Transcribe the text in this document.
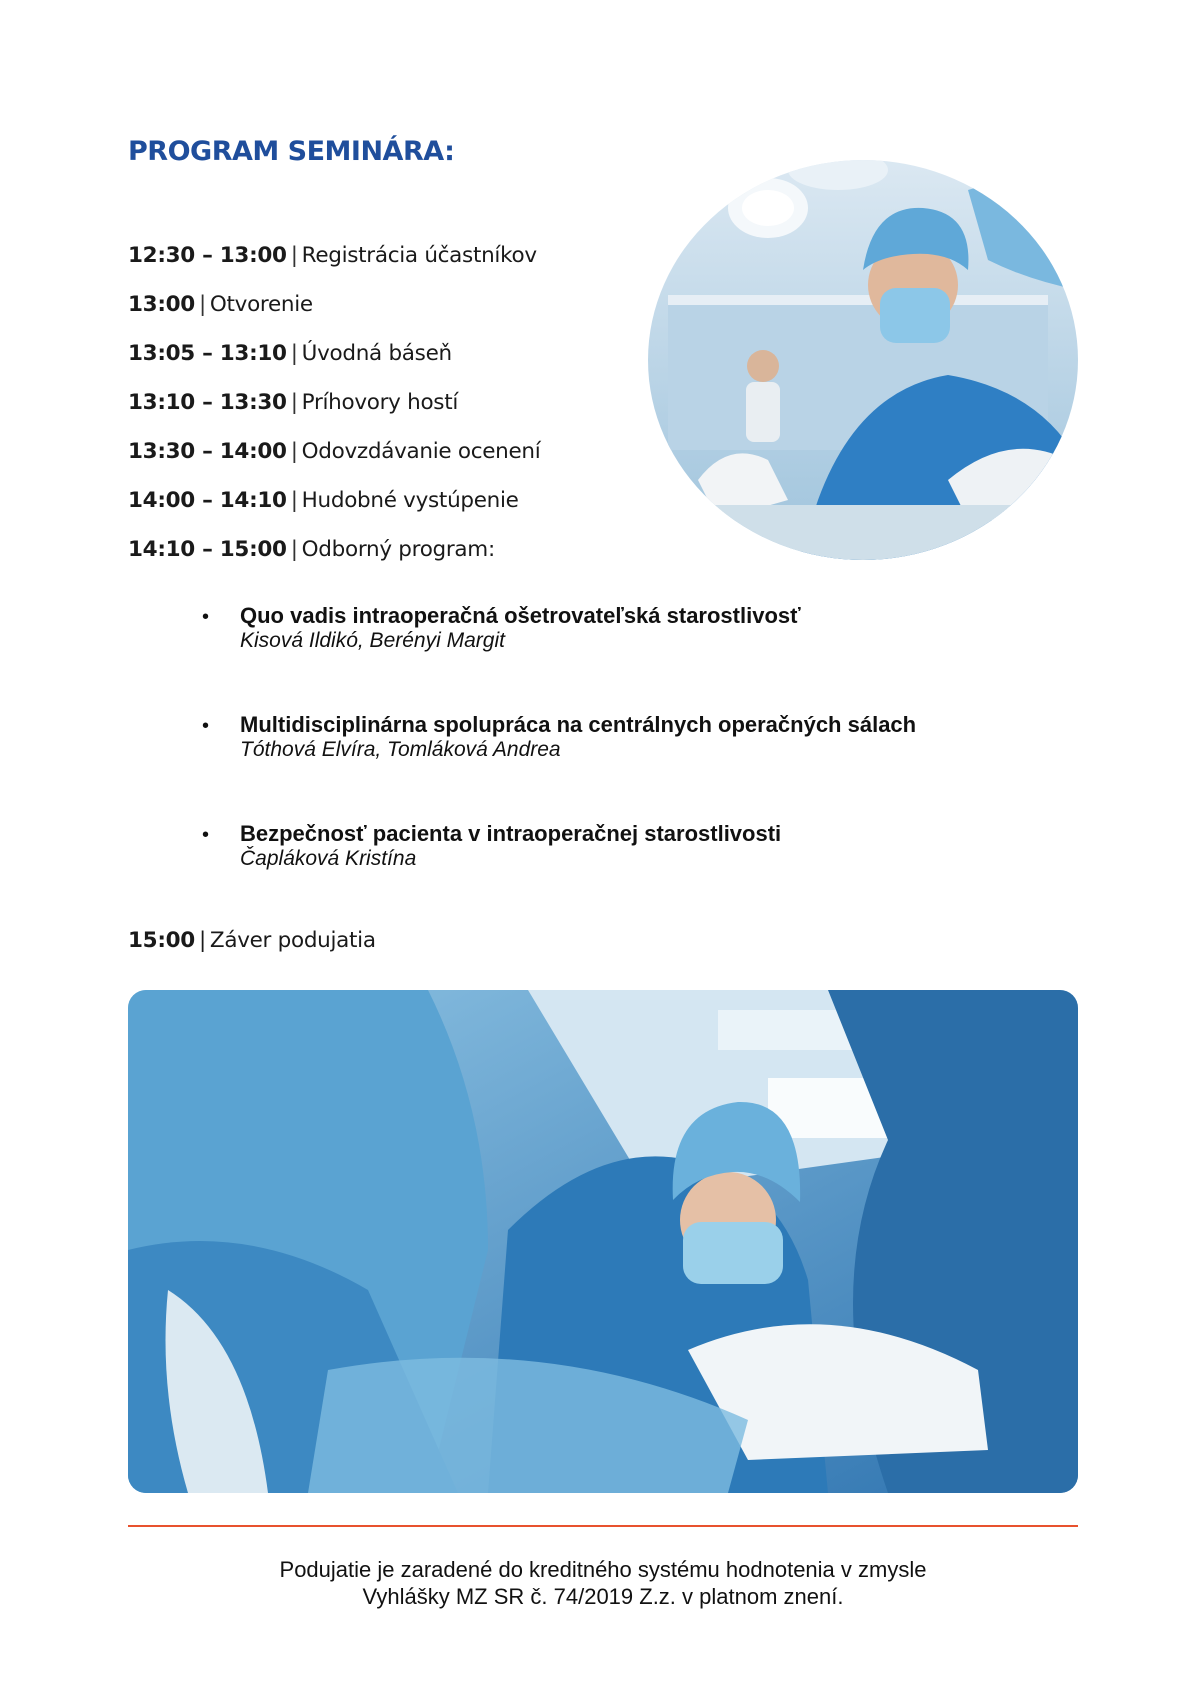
PROGRAM SEMINÁRA:
12:30 – 13:00 | Registrácia účastníkov
13:00 | Otvorenie
13:05 – 13:10 | Úvodná báseň
13:10 – 13:30 | Príhovory hostí
13:30 – 14:00 | Odovzdávanie ocenení
14:00 – 14:10 | Hudobné vystúpenie
14:10 – 15:00 | Odborný program:
• Quo vadis intraoperačná ošetrovateľská starostlivosť
Kisová Ildikó, Berényi Margit
• Multidisciplinárna spolupráca na centrálnych operačných sálach
Tóthová Elvíra, Tomláková Andrea
• Bezpečnosť pacienta v intraoperačnej starostlivosti
Čapláková Kristína
15:00 | Záver podujatia
Podujatie je zaradené do kreditného systému hodnotenia v zmysle
Vyhlášky MZ SR č. 74/2019 Z.z. v platnom znení.
